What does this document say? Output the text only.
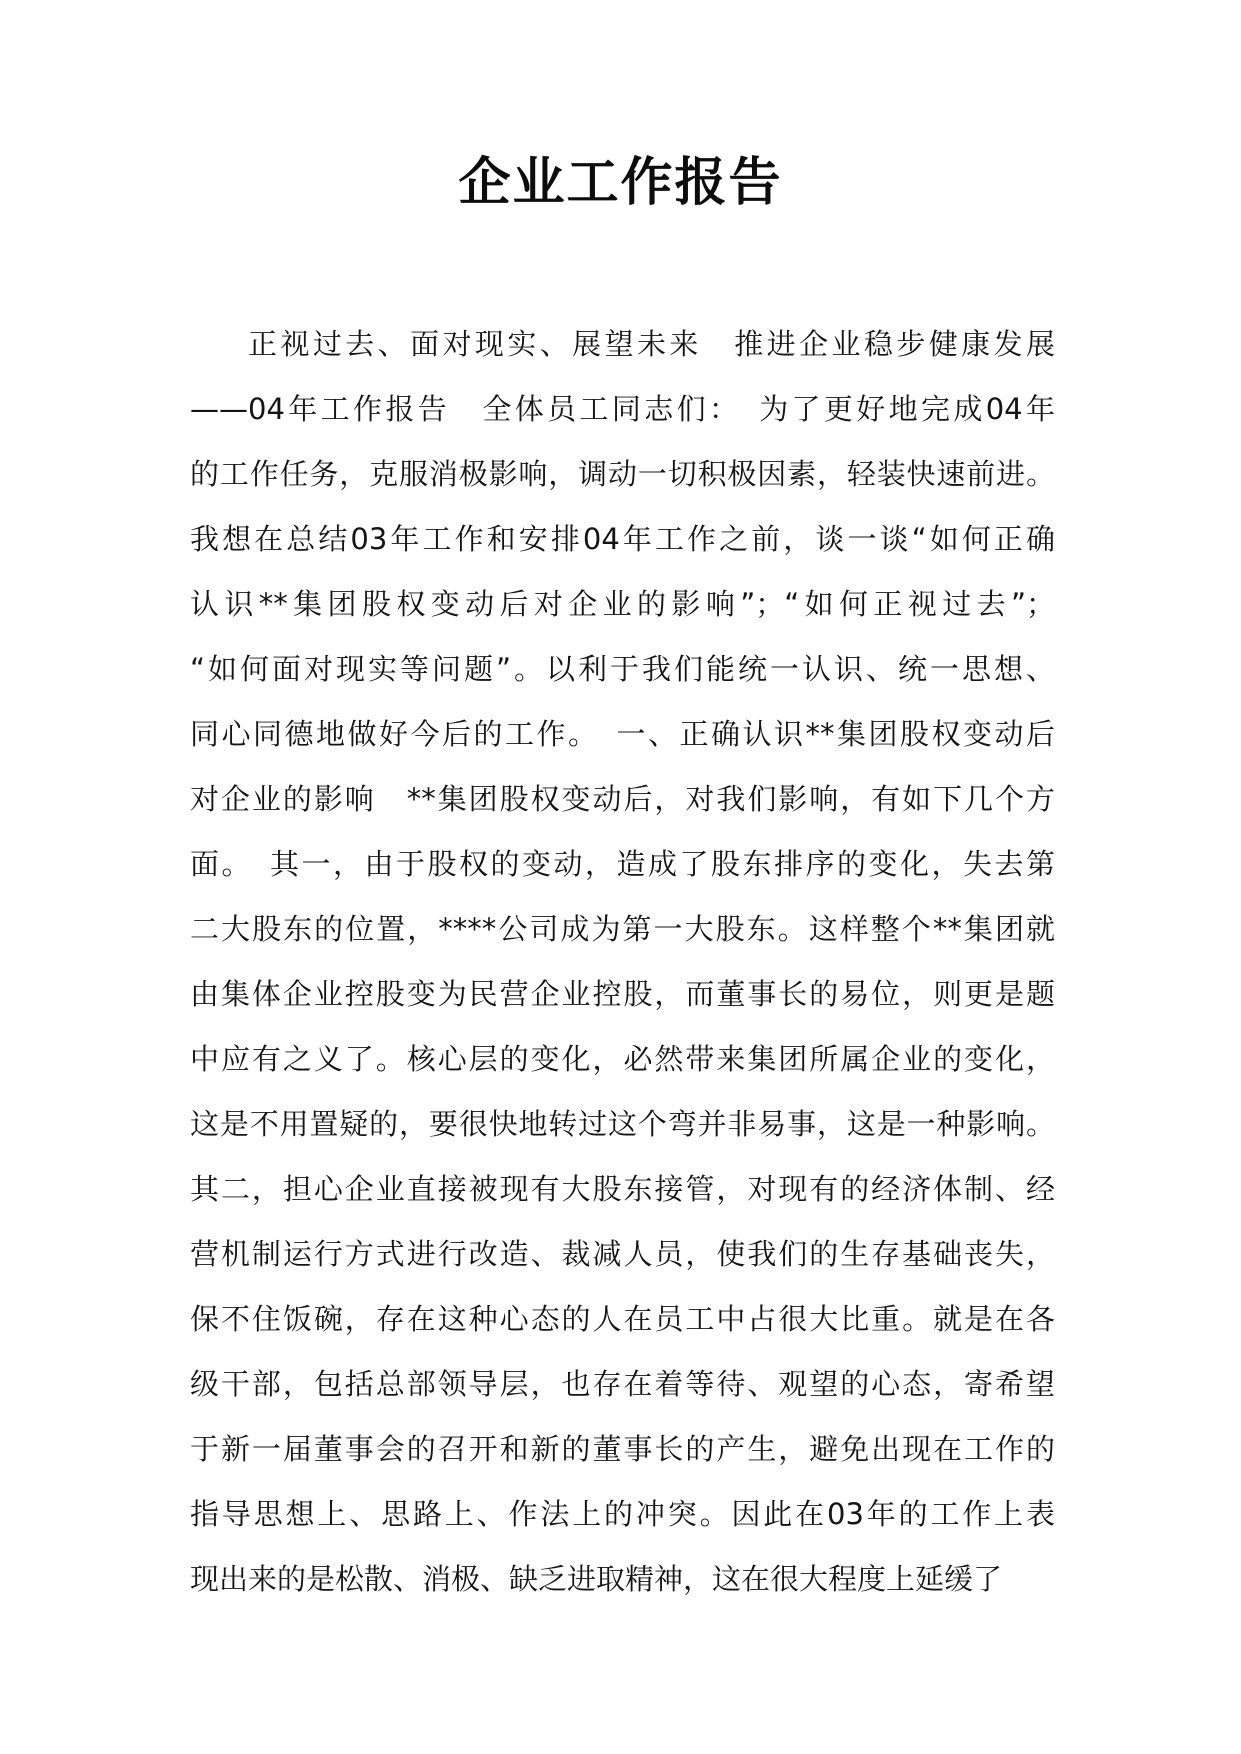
企业工作报告
正视过去、面对现实、展望未来　推进企业稳步健康发展
——04年工作报告　全体员工同志们：　为了更好地完成04年
的工作任务，克服消极影响，调动一切积极因素，轻装快速前进。
我想在总结03年工作和安排04年工作之前，谈一谈“如何正确
认识**集团股权变动后对企业的影响”；“如何正视过去”；
“如何面对现实等问题”。以利于我们能统一认识、统一思想、
同心同德地做好今后的工作。　一、正确认识**集团股权变动后
对企业的影响　**集团股权变动后，对我们影响，有如下几个方
面。　其一，由于股权的变动，造成了股东排序的变化，失去第
二大股东的位置，****公司成为第一大股东。这样整个**集团就
由集体企业控股变为民营企业控股，而董事长的易位，则更是题
中应有之义了。核心层的变化，必然带来集团所属企业的变化，
这是不用置疑的，要很快地转过这个弯并非易事，这是一种影响。
其二，担心企业直接被现有大股东接管，对现有的经济体制、经
营机制运行方式进行改造、裁减人员，使我们的生存基础丧失，
保不住饭碗，存在这种心态的人在员工中占很大比重。就是在各
级干部，包括总部领导层，也存在着等待、观望的心态，寄希望
于新一届董事会的召开和新的董事长的产生，避免出现在工作的
指导思想上、思路上、作法上的冲突。因此在03年的工作上表
现出来的是松散、消极、缺乏进取精神，这在很大程度上延缓了
